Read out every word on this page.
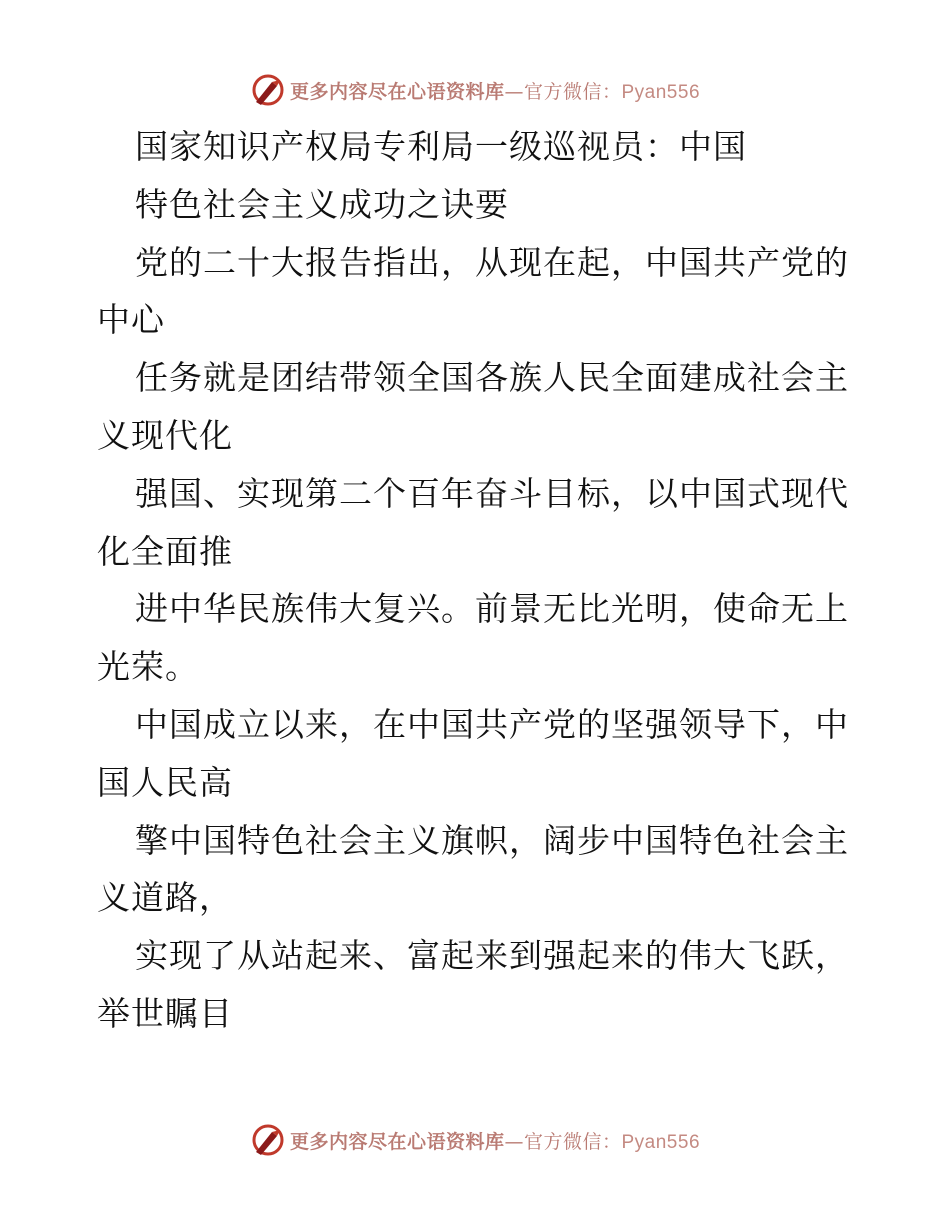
更多内容尽在心语资料库—官方微信：Pyan556
国家知识产权局专利局一级巡视员：中国
特色社会主义成功之诀要
党的二十大报告指出，从现在起，中国共产党的
中心
任务就是团结带领全国各族人民全面建成社会主
义现代化
强国、实现第二个百年奋斗目标，以中国式现代
化全面推
进中华民族伟大复兴。前景无比光明，使命无上
光荣。
中国成立以来，在中国共产党的坚强领导下，中
国人民高
擎中国特色社会主义旗帜，阔步中国特色社会主
义道路，
实现了从站起来、富起来到强起来的伟大飞跃，
举世瞩目
更多内容尽在心语资料库—官方微信：Pyan556
